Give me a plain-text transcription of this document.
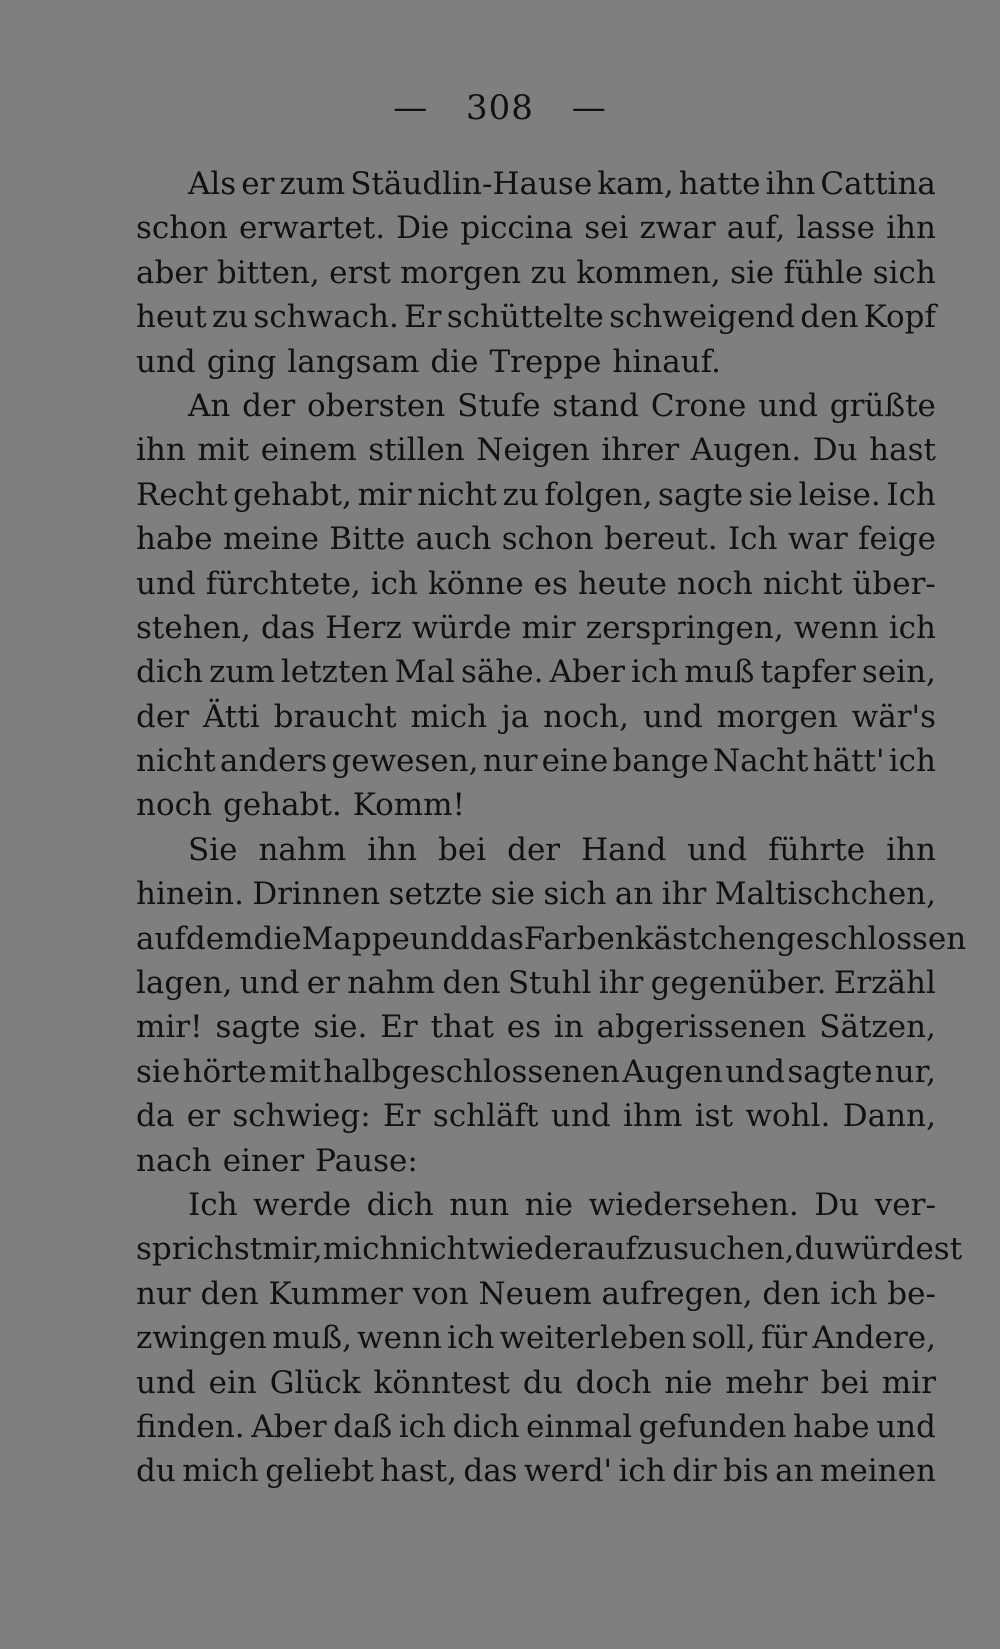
— 308 —
Als er zum Stäudlin-Hause kam, hatte ihn Cattina
schon erwartet. Die piccina sei zwar auf, lasse ihn
aber bitten, erst morgen zu kommen, sie fühle sich
heut zu schwach. Er schüttelte schweigend den Kopf
und ging langsam die Treppe hinauf.
An der obersten Stufe stand Crone und grüßte
ihn mit einem stillen Neigen ihrer Augen. Du hast
Recht gehabt, mir nicht zu folgen, sagte sie leise. Ich
habe meine Bitte auch schon bereut. Ich war feige
und fürchtete, ich könne es heute noch nicht über-
stehen, das Herz würde mir zerspringen, wenn ich
dich zum letzten Mal sähe. Aber ich muß tapfer sein,
der Ätti braucht mich ja noch, und morgen wär's
nicht anders gewesen, nur eine bange Nacht hätt' ich
noch gehabt. Komm!
Sie nahm ihn bei der Hand und führte ihn
hinein. Drinnen setzte sie sich an ihr Maltischchen,
auf dem die Mappe und das Farbenkästchen geschlossen
lagen, und er nahm den Stuhl ihr gegenüber. Erzähl
mir! sagte sie. Er that es in abgerissenen Sätzen,
sie hörte mit halbgeschlossenen Augen und sagte nur,
da er schwieg: Er schläft und ihm ist wohl. Dann,
nach einer Pause:
Ich werde dich nun nie wiedersehen. Du ver-
sprichst mir, mich nicht wieder aufzusuchen, du würdest
nur den Kummer von Neuem aufregen, den ich be-
zwingen muß, wenn ich weiterleben soll, für Andere,
und ein Glück könntest du doch nie mehr bei mir
finden. Aber daß ich dich einmal gefunden habe und
du mich geliebt hast, das werd' ich dir bis an meinen
